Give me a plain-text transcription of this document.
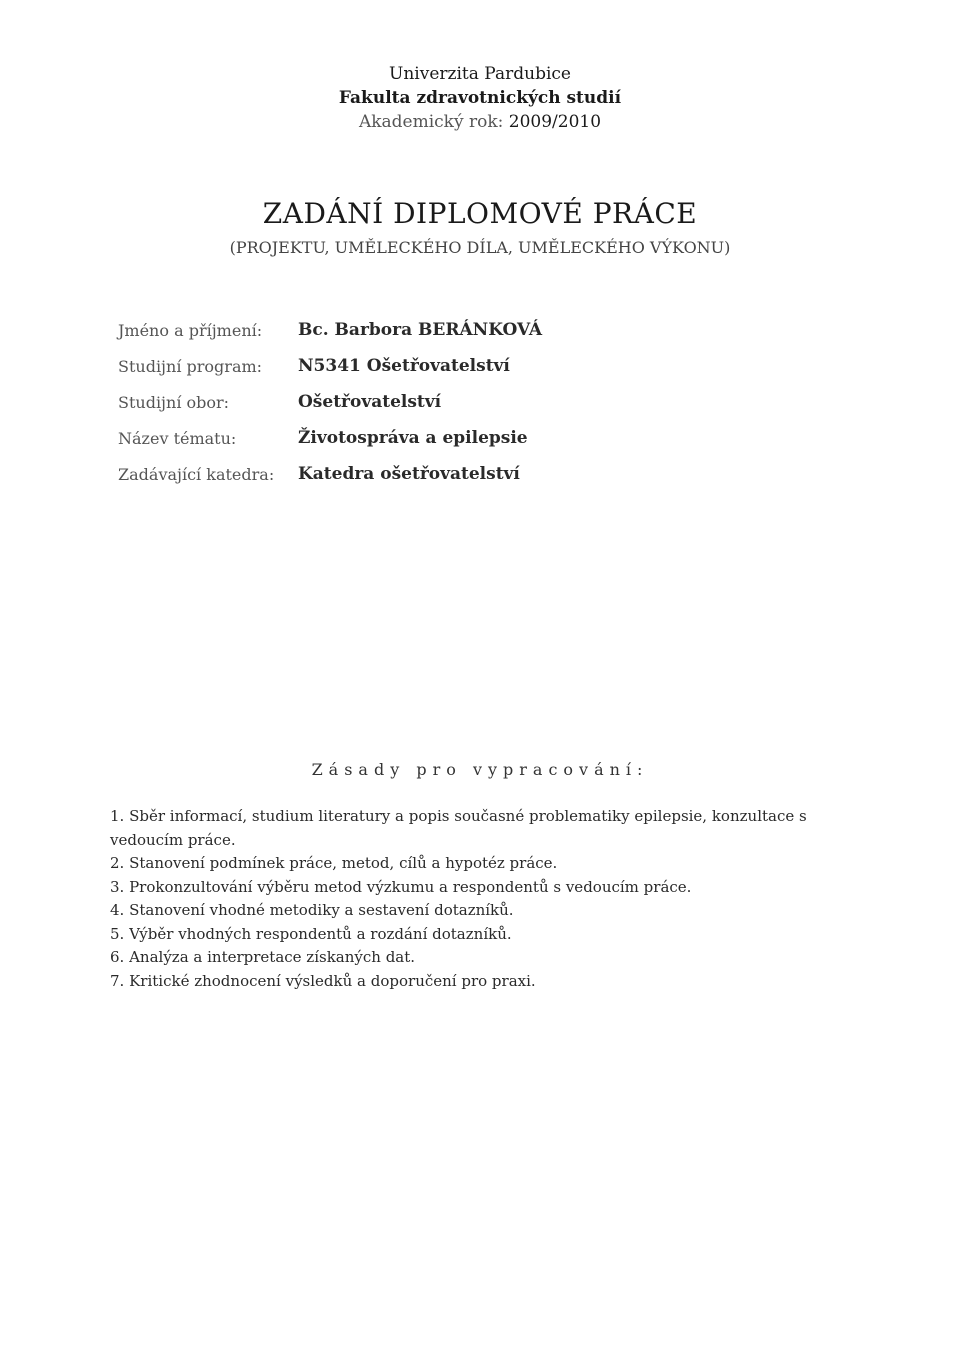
Univerzita Pardubice
Fakulta zdravotnických studií
Akademický rok: 2009/2010
ZADÁNÍ DIPLOMOVÉ PRÁCE
(PROJEKTU, UMĚLECKÉHO DÍLA, UMĚLECKÉHO VÝKONU)
Jméno a příjmení:	Bc. Barbora BERÁNKOVÁ
Studijní program:	N5341 Ošetřovatelství
Studijní obor:	Ošetřovatelství
Název tématu:	Životospráva a epilepsie
Zadávající katedra:	Katedra ošetřovatelství
Zásady pro vypracování:

1. Sběr informací, studium literatury a popis současné problematiky epilepsie, konzultace s vedoucím práce.

2. Stanovení podmínek práce, metod, cílů a hypotéz práce.

3. Prokonzultování výběru metod výzkumu a respondentů s vedoucím práce.

4. Stanovení vhodné metodiky a sestavení dotazníků.

5. Výběr vhodných respondentů a rozdání dotazníků.

6. Analýza a interpretace získaných dat.

7. Kritické zhodnocení výsledků a doporučení pro praxi.
